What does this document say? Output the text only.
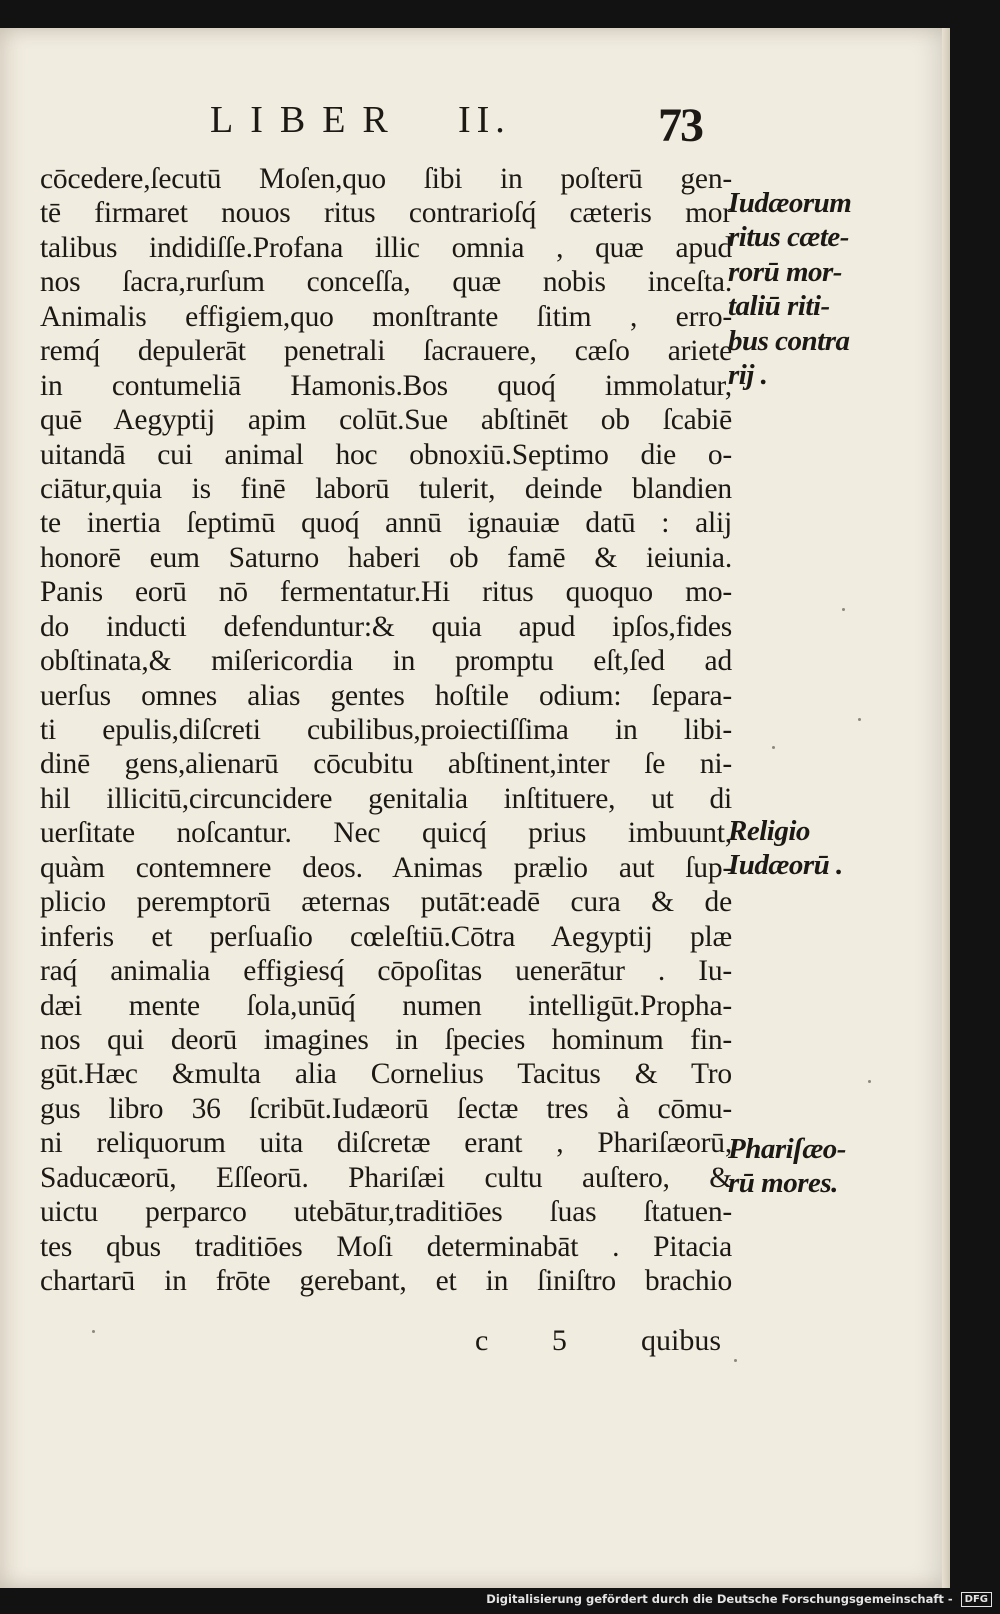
LIBER II.	73
cōcedere,ſecutū Moſen,quo ſibi in poſterū gen-
tē firmaret nouos ritus contrarioſq́ cæteris mor
talibus indidiſſe.Profana illic omnia , quæ apud
nos ſacra,rurſum conceſſa, quæ nobis inceſta.
Animalis effigiem,quo monſtrante ſitim , erro-
remq́ depulerāt penetrali ſacrauere, cæſo ariete
in contumeliā Hamonis.Bos quoq́ immolatur,
quē Aegyptij apim colūt.Sue abſtinēt ob ſcabiē
uitandā cui animal hoc obnoxiū.Septimo die o-
ciātur,quia is finē laborū tulerit, deinde blandien
te inertia ſeptimū quoq́ annū ignauiæ datū : alij
honorē eum Saturno haberi ob famē & ieiunia.
Panis eorū nō fermentatur.Hi ritus quoquo mo-
do inducti defenduntur:& quia apud ipſos,fides
obſtinata,& miſericordia in promptu eſt,ſed ad
uerſus omnes alias gentes hoſtile odium: ſepara-
ti epulis,diſcreti cubilibus,proiectiſſima in libi-
dinē gens,alienarū cōcubitu abſtinent,inter ſe ni-
hil illicitū,circuncidere genitalia inſtituere, ut di
uerſitate noſcantur. Nec quicq́ prius imbuunt,
quàm contemnere deos. Animas prælio aut ſup-
plicio peremptorū æternas putāt:eadē cura & de
inferis et perſuaſio cœleſtiū.Cōtra Aegyptij plæ
raq́ animalia effigiesq́ cōpoſitas uenerātur . Iu-
dæi mente ſola,unūq́ numen intelligūt.Propha-
nos qui deorū imagines in ſpecies hominum fin-
gūt.Hæc &multa alia Cornelius Tacitus & Tro
gus libro 36 ſcribūt.Iudæorū ſectæ tres à cōmu-
ni reliquorum uita diſcretæ erant , Phariſæorū,
Saducæorū, Eſſeorū. Phariſæi cultu auſtero, &
uictu perparco utebātur,traditiōes ſuas ſtatuen-
tes qbus traditiōes Moſi determinabāt . Pitacia
chartarū in frōte gerebant, et in ſiniſtro brachio
Iudæorum
ritus cæte-
rorū mor-
taliū riti-
bus contra
rij .
Religio
Iudæorū .
Phariſæo-
rū mores.
c 5 quibus
Digitalisierung gefördert durch die Deutsche Forschungsgemeinschaft - DFG
